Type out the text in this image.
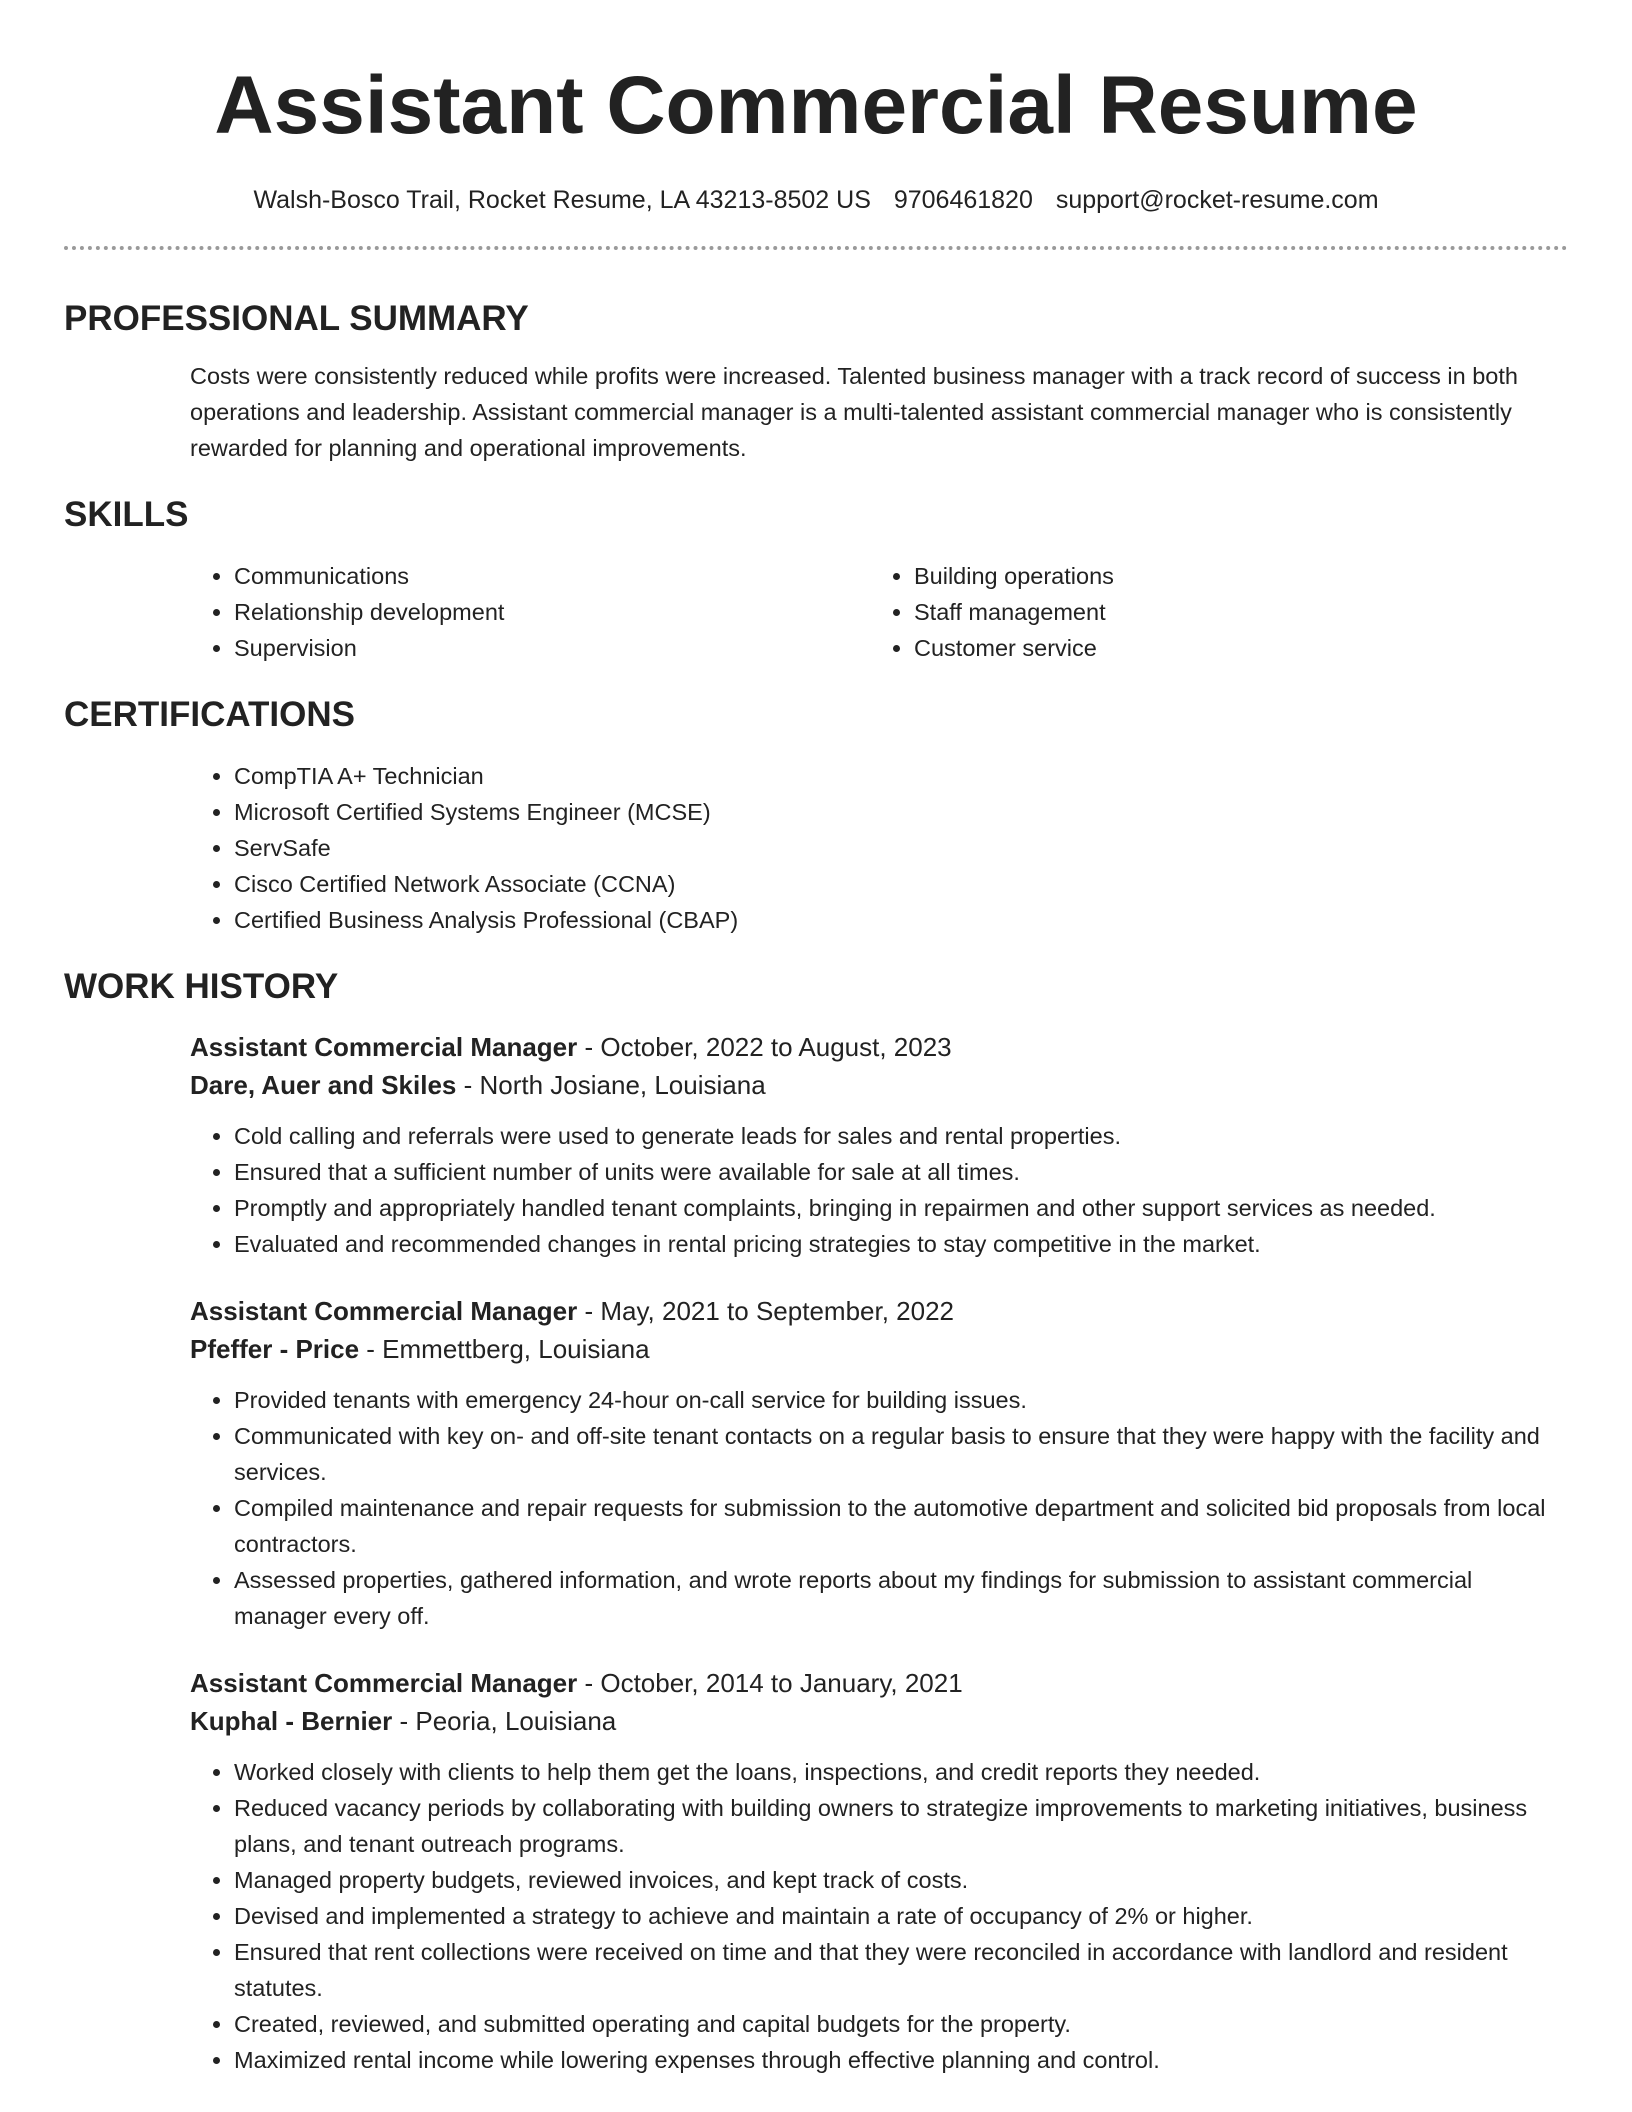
Assistant Commercial Resume
Walsh-Bosco Trail, Rocket Resume, LA 43213-8502 US 9706461820 support@rocket-resume.com
PROFESSIONAL SUMMARY
Costs were consistently reduced while profits were increased. Talented business manager with a track record of success in both operations and leadership. Assistant commercial manager is a multi-talented assistant commercial manager who is consistently rewarded for planning and operational improvements.
SKILLS
• Communications
• Relationship development
• Supervision
• Building operations
• Staff management
• Customer service
CERTIFICATIONS
• CompTIA A+ Technician
• Microsoft Certified Systems Engineer (MCSE)
• ServSafe
• Cisco Certified Network Associate (CCNA)
• Certified Business Analysis Professional (CBAP)
WORK HISTORY
Assistant Commercial Manager - October, 2022 to August, 2023
Dare, Auer and Skiles - North Josiane, Louisiana
• Cold calling and referrals were used to generate leads for sales and rental properties.
• Ensured that a sufficient number of units were available for sale at all times.
• Promptly and appropriately handled tenant complaints, bringing in repairmen and other support services as needed.
• Evaluated and recommended changes in rental pricing strategies to stay competitive in the market.
Assistant Commercial Manager - May, 2021 to September, 2022
Pfeffer - Price - Emmettberg, Louisiana
• Provided tenants with emergency 24-hour on-call service for building issues.
• Communicated with key on- and off-site tenant contacts on a regular basis to ensure that they were happy with the facility and services.
• Compiled maintenance and repair requests for submission to the automotive department and solicited bid proposals from local contractors.
• Assessed properties, gathered information, and wrote reports about my findings for submission to assistant commercial manager every off.
Assistant Commercial Manager - October, 2014 to January, 2021
Kuphal - Bernier - Peoria, Louisiana
• Worked closely with clients to help them get the loans, inspections, and credit reports they needed.
• Reduced vacancy periods by collaborating with building owners to strategize improvements to marketing initiatives, business plans, and tenant outreach programs.
• Managed property budgets, reviewed invoices, and kept track of costs.
• Devised and implemented a strategy to achieve and maintain a rate of occupancy of 2% or higher.
• Ensured that rent collections were received on time and that they were reconciled in accordance with landlord and resident statutes.
• Created, reviewed, and submitted operating and capital budgets for the property.
• Maximized rental income while lowering expenses through effective planning and control.
